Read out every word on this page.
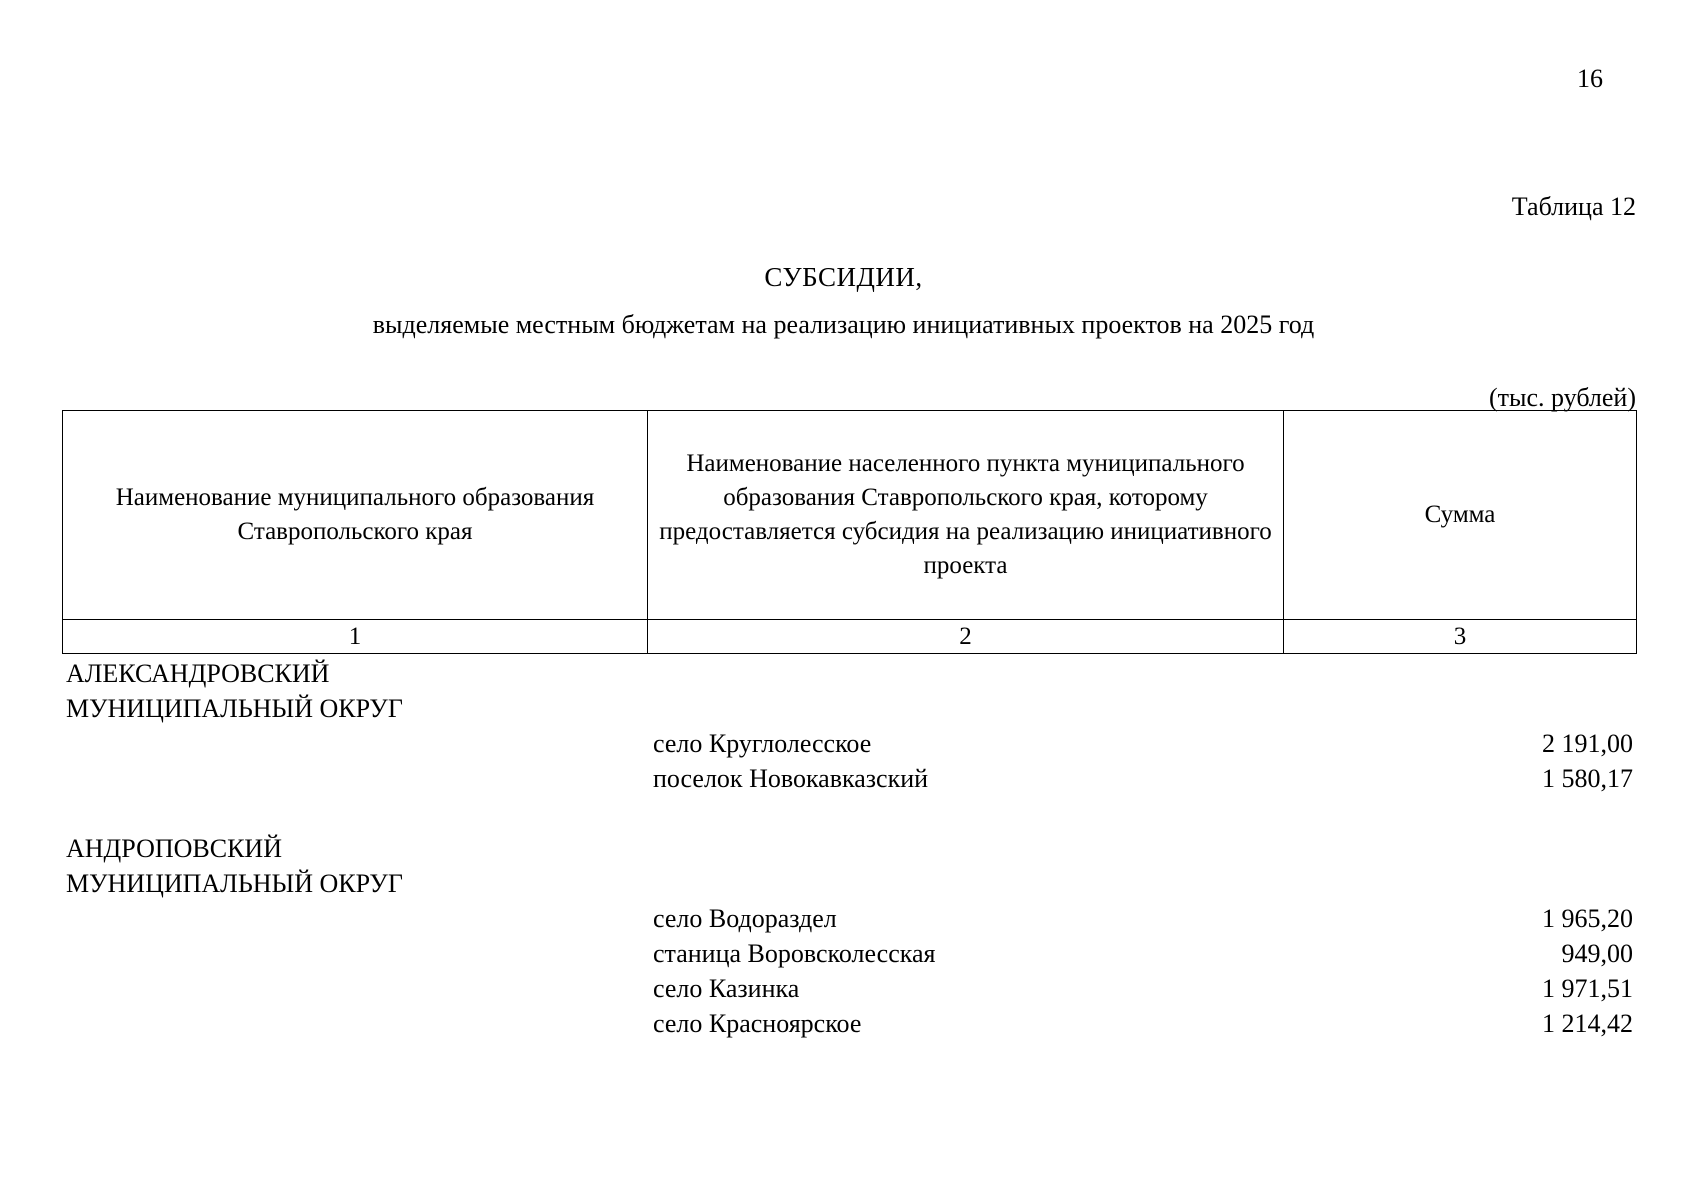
16
Таблица 12
СУБСИДИИ,
выделяемые местным бюджетам на реализацию инициативных проектов на 2025 год
(тыс. рублей)
Наименование муниципального образования Ставропольского края	Наименование населенного пункта муниципального образования Ставропольского края, которому предоставляется субсидия на реализацию инициативного проекта	Сумма
1	2	3
АЛЕКСАНДРОВСКИЙ		
МУНИЦИПАЛЬНЫЙ ОКРУГ		
	село Круглолесское	2 191,00
	поселок Новокавказский	1 580,17

АНДРОПОВСКИЙ		
МУНИЦИПАЛЬНЫЙ ОКРУГ		
	село Водораздел	1 965,20
	станица Воровсколесская	949,00
	село Казинка	1 971,51
	село Красноярское	1 214,42
